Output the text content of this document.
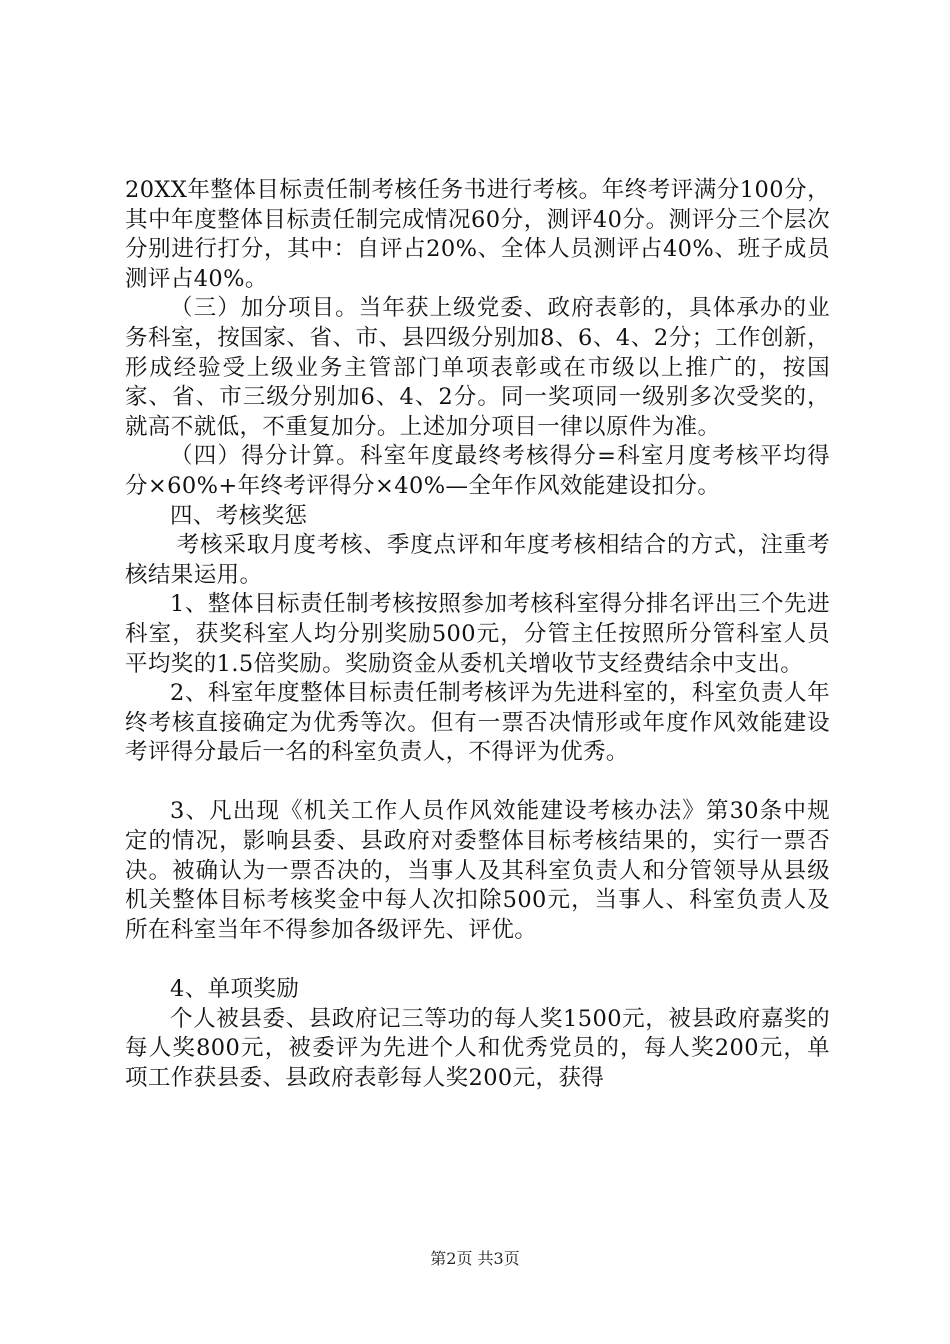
20XX年整体目标责任制考核任务书进行考核。年终考评满分100分，其中年度整体目标责任制完成情况60分，测评40分。测评分三个层次分别进行打分，其中：自评占20%、全体人员测评占40%、班子成员测评占40%。

（三）加分项目。当年获上级党委、政府表彰的，具体承办的业务科室，按国家、省、市、县四级分别加8、6、4、2分；工作创新，形成经验受上级业务主管部门单项表彰或在市级以上推广的，按国家、省、市三级分别加6、4、2分。同一奖项同一级别多次受奖的，就高不就低，不重复加分。上述加分项目一律以原件为准。

（四）得分计算。科室年度最终考核得分=科室月度考核平均得分×60%+年终考评得分×40%—全年作风效能建设扣分。

四、考核奖惩

考核采取月度考核、季度点评和年度考核相结合的方式，注重考核结果运用。

1、整体目标责任制考核按照参加考核科室得分排名评出三个先进科室，获奖科室人均分别奖励500元，分管主任按照所分管科室人员平均奖的1.5倍奖励。奖励资金从委机关增收节支经费结余中支出。

2、科室年度整体目标责任制考核评为先进科室的，科室负责人年终考核直接确定为优秀等次。但有一票否决情形或年度作风效能建设考评得分最后一名的科室负责人，不得评为优秀。

3、凡出现《机关工作人员作风效能建设考核办法》第30条中规定的情况，影响县委、县政府对委整体目标考核结果的，实行一票否决。被确认为一票否决的，当事人及其科室负责人和分管领导从县级机关整体目标考核奖金中每人次扣除500元，当事人、科室负责人及所在科室当年不得参加各级评先、评优。

4、单项奖励

个人被县委、县政府记三等功的每人奖1500元，被县政府嘉奖的每人奖800元，被委评为先进个人和优秀党员的，每人奖200元，单项工作获县委、县政府表彰每人奖200元，获得

第2页 共3页
